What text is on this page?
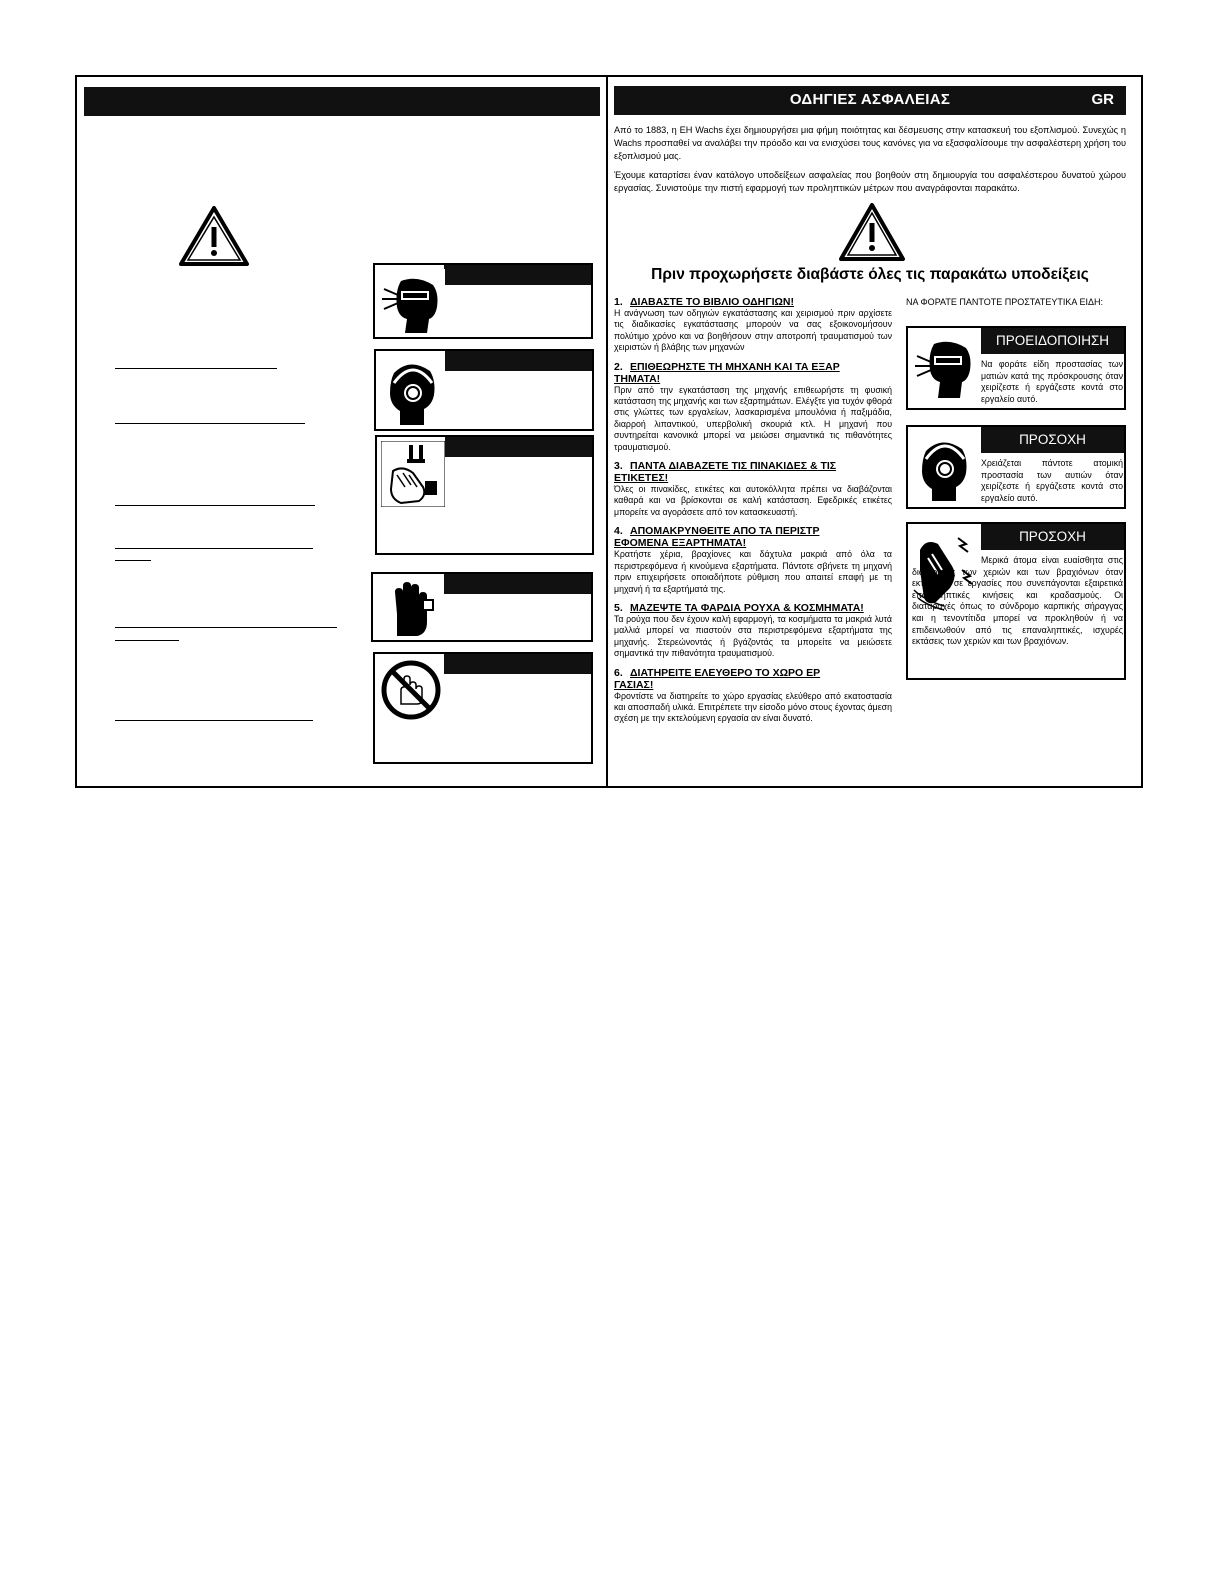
ΟΔΗΓΙΕΣ ΑΣΦΑΛΕΙΑΣ	GR
Από το 1883, η EH Wachs έχει δημιουργήσει μια φήμη ποιότητας και δέσμευσης στην κατασκευή του εξοπλισμού. Συνεχώς η Wachs προσπαθεί να αναλάβει την πρόοδο και να ενισχύσει τους κανόνες για να εξασφαλίσουμε την ασφαλέστερη χρήση του εξοπλισμού μας.
Έχουμε καταρτίσει έναν κατάλογο υποδείξεων ασφαλείας που βοηθούν στη δημιουργία του ασφαλέστερου δυνατού χώρου εργασίας. Συνιστούμε την πιστή εφαρμογή των προληπτικών μέτρων που αναγράφονται παρακάτω.
Πριν προχωρήσετε διαβάστε όλες τις παρακάτω υποδείξεις
1. ΔΙΑΒΑΣΤΕ ΤΟ ΒΙΒΛΙΟ ΟΔΗΓΙΩΝ!
Η ανάγνωση των οδηγιών εγκατάστασης και χειρισμού πριν αρχίσετε τις διαδικασίες εγκατάστασης μπορούν να σας εξοικονομήσουν πολύτιμο χρόνο και να βοηθήσουν στην αποτροπή τραυματισμού των χειριστών ή βλάβης των μηχανών
2. ΕΠΙΘΕΩΡΗΣΤΕ ΤΗ ΜΗΧΑΝΗ ΚΑΙ ΤΑ ΕΞΑΡ
ΤΗΜΑΤΑ!
Πριν από την εγκατάσταση της μηχανής επιθεωρήστε τη φυσική κατάσταση της μηχανής και των εξαρτημάτων. Ελέγξτε για τυχόν φθορά στις γλώττες των εργαλείων, λασκαρισμένα μπουλόνια ή παξιμάδια, διαρροή λιπαντικού, υπερβολική σκουριά κτλ. Η μηχανή που συντηρείται κανονικά μπορεί να μειώσει σημαντικά τις πιθανότητες τραυματισμού.
3. ΠΑΝΤΑ ΔΙΑΒΑΖΕΤΕ ΤΙΣ ΠΙΝΑΚΙΔΕΣ & ΤΙΣ
ΕΤΙΚΕΤΕΣ!
Όλες οι πινακίδες, ετικέτες και αυτοκόλλητα πρέπει να διαβάζονται καθαρά και να βρίσκονται σε καλή κατάσταση. Εφεδρικές ετικέτες μπορείτε να αγοράσετε από τον κατασκευαστή.
4. ΑΠΟΜΑΚΡΥΝΘΕΙΤΕ ΑΠΟ ΤΑ ΠΕΡΙΣΤΡ
ΕΦΟΜΕΝΑ ΕΞΑΡΤΗΜΑΤΑ!
Κρατήστε χέρια, βραχίονες και δάχτυλα μακριά από όλα τα περιστρεφόμενα ή κινούμενα εξαρτήματα. Πάντοτε σβήνετε τη μηχανή πριν επιχειρήσετε οποιαδήποτε ρύθμιση που απαιτεί επαφή με τη μηχανή ή τα εξαρτήματά της.
5. ΜΑΖΕΨΤΕ ΤΑ ΦΑΡΔΙΑ ΡΟΥΧΑ & ΚΟΣΜΗΜΑΤΑ!
Τα ρούχα που δεν έχουν καλή εφαρμογή, τα κοσμήματα τα μακριά λυτά μαλλιά μπορεί να πιαστούν στα περιστρεφόμενα εξαρτήματα της μηχανής. Στερεώνοντάς ή βγάζοντάς τα μπορείτε να μειώσετε σημαντικά την πιθανότητα τραυματισμού.
6. ΔΙΑΤΗΡΕΙΤΕ ΕΛΕΥΘΕΡΟ ΤΟ ΧΩΡΟ ΕΡ
ΓΑΣΙΑΣ!
Φροντίστε να διατηρείτε το χώρο εργασίας ελεύθερο από εκατοστασία και αποσπαδή υλικά. Επιτρέπετε την είσοδο μόνο στους έχοντας άμεση σχέση με την εκτελούμενη εργασία αν είναι δυνατό.
ΝΑ ΦΟΡΑΤΕ ΠΑΝΤΟΤΕ ΠΡΟΣΤΑΤΕΥΤΙΚΑ ΕΙΔΗ:
ΠΡΟΕΙΔΟΠΟΙΗΣΗ
Να φοράτε είδη προστασίας των ματιών κατά της πρόσκρουσης όταν χειρίζεστε ή εργάζεστε κοντά στο εργαλείο αυτό.
ΠΡΟΣΟΧΗ
Χρειάζεται πάντοτε ατομική προστασία των αυτιών όταν χειρίζεστε ή εργάζεστε κοντά στο εργαλείο αυτό.
ΠΡΟΣΟΧΗ
Μερικά άτομα είναι ευαίσθητα στις διαταραχές των χεριών και των βραχιόνων όταν εκτίθενται σε εργασίες που συνεπάγονται εξαιρετικά επαναληπτικές κινήσεις και κραδασμούς. Οι διαταραχές όπως το σύνδρομο καρπικής σήραγγας και η τενοντίτιδα μπορεί να προκληθούν ή να επιδεινωθούν από τις επαναληπτικές, ισχυρές εκτάσεις των χεριών και των βραχιόνων.
